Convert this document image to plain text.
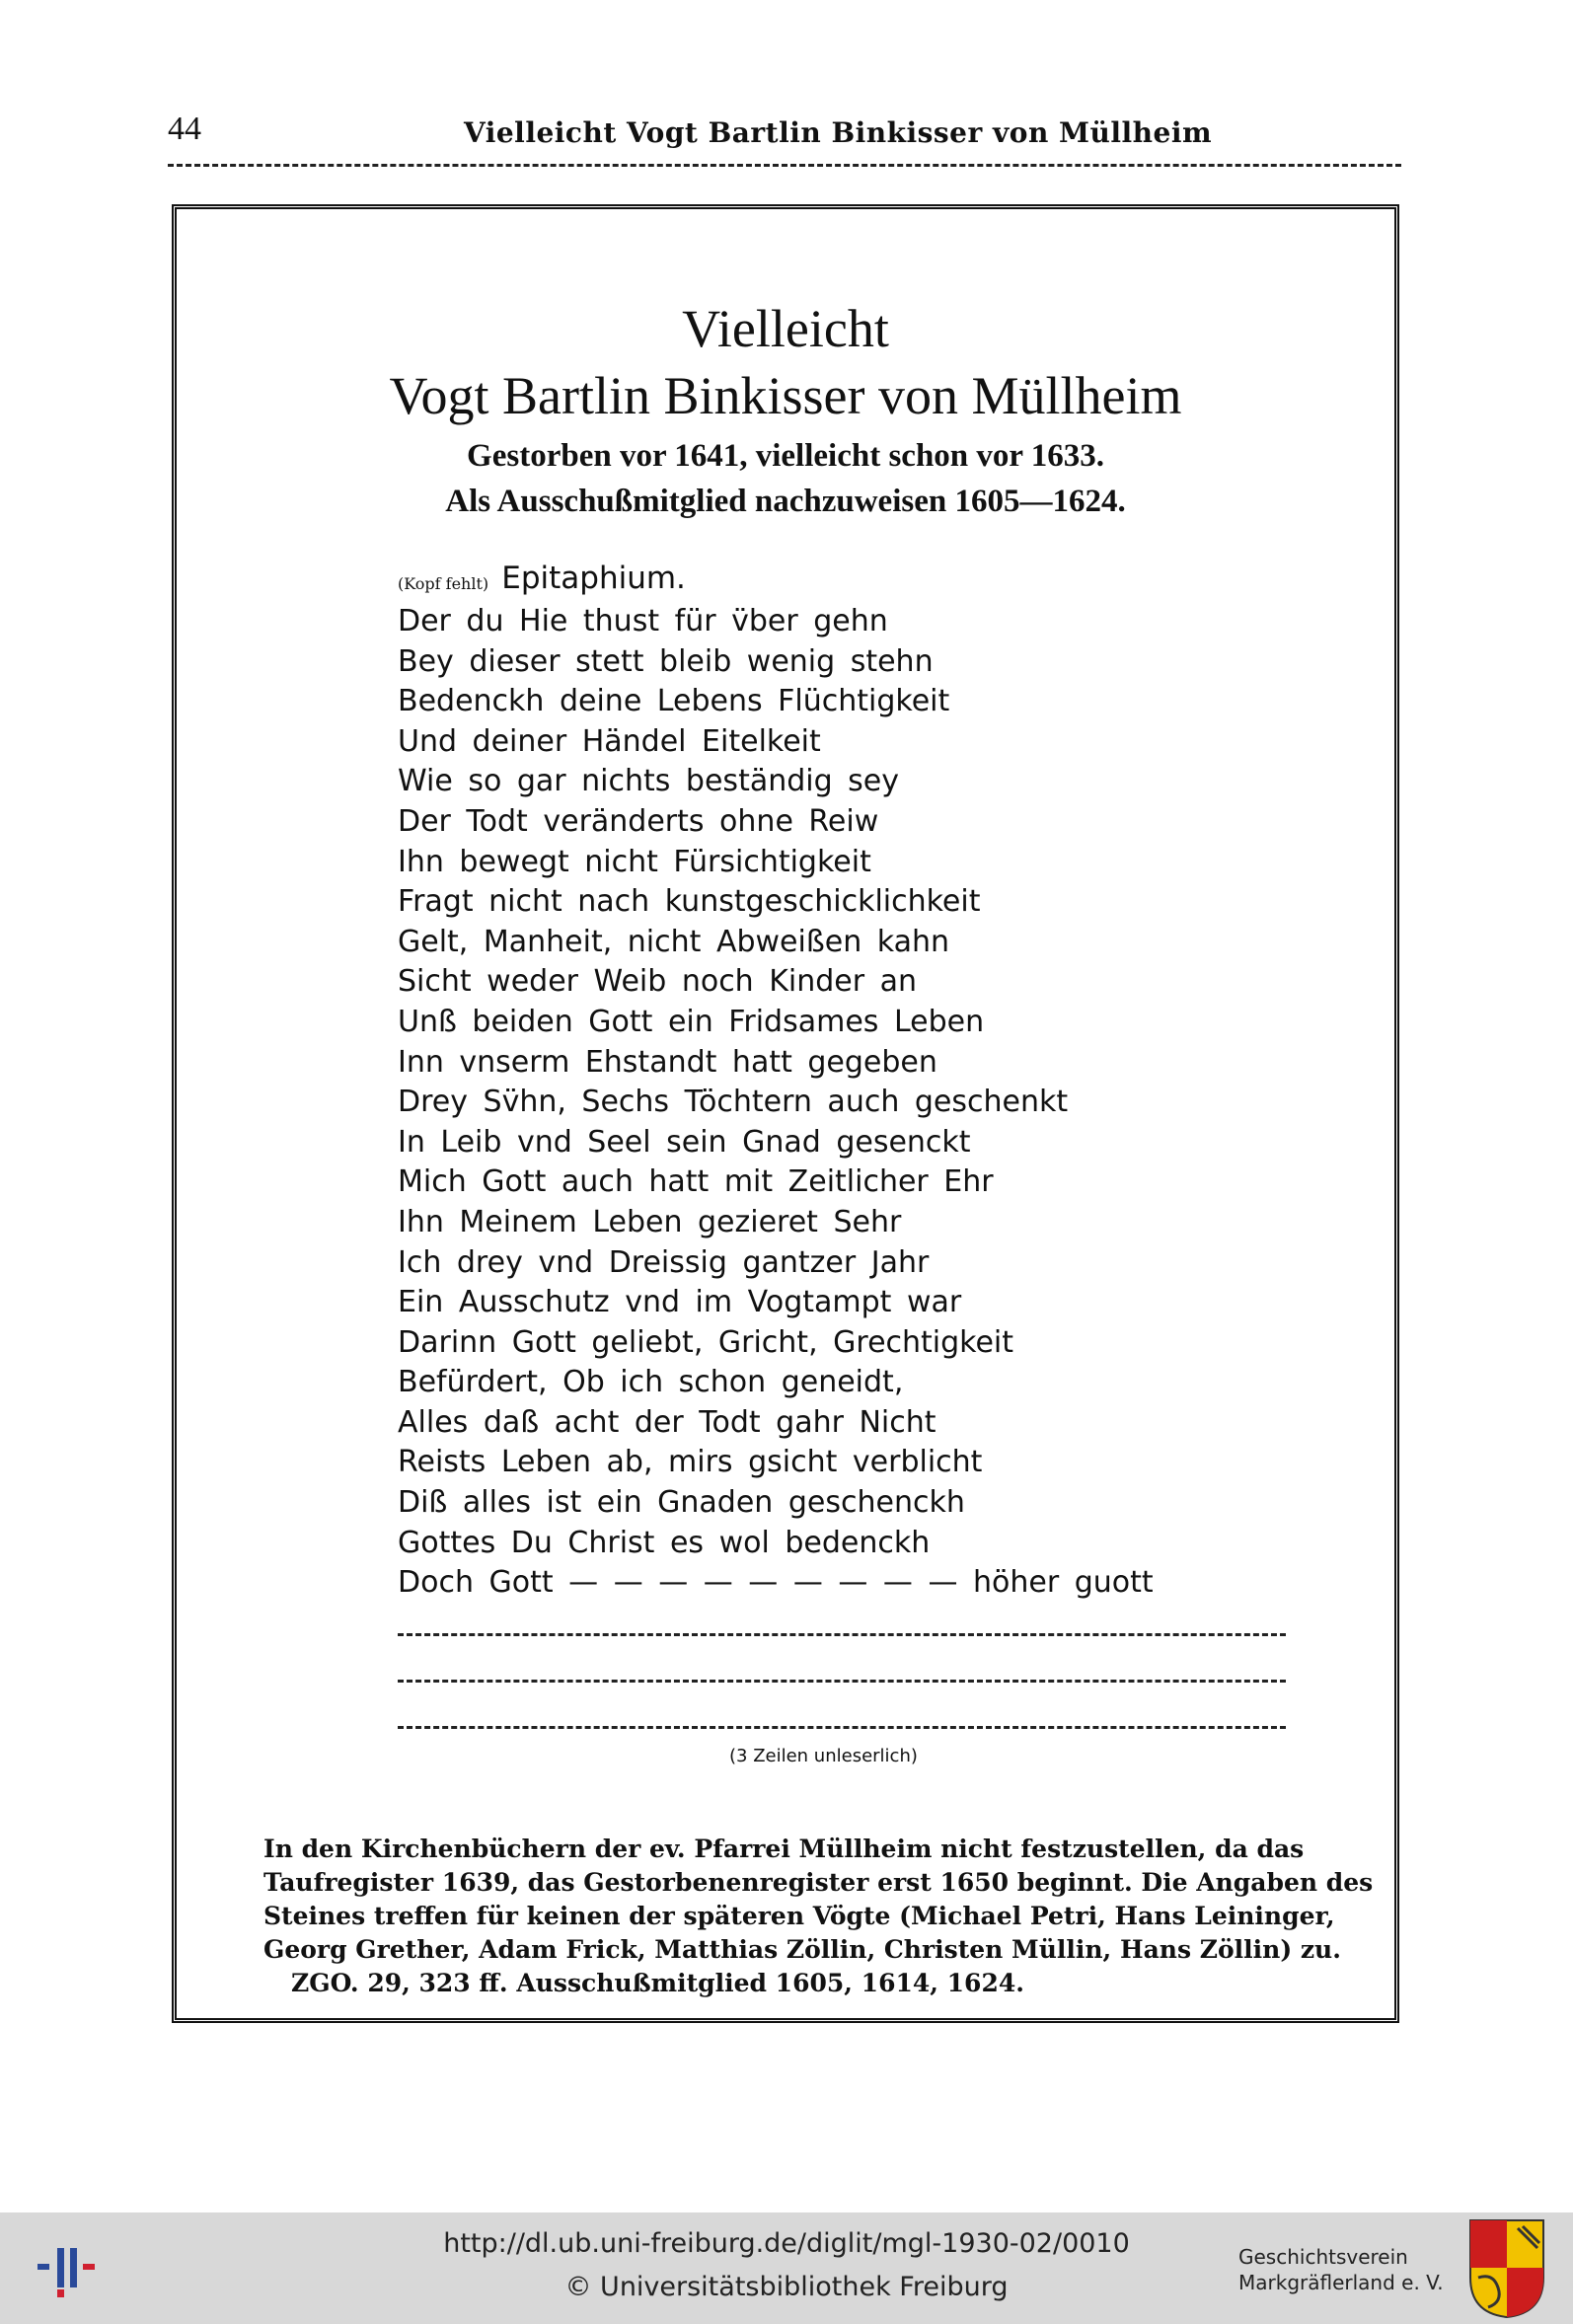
44	Vielleicht Vogt Bartlin Binkisser von Müllheim
Vielleicht
Vogt Bartlin Binkisser von Müllheim
Gestorben vor 1641, vielleicht schon vor 1633.
Als Ausschußmitglied nachzuweisen 1605—1624.
(Kopf fehlt) Epitaphium.
Der du Hie thust für v̈ber gehn
Bey dieser stett bleib wenig stehn
Bedenckh deine Lebens Flüchtigkeit
Und deiner Händel Eitelkeit
Wie so gar nichts beständig sey
Der Todt veränderts ohne Reiw
Ihn bewegt nicht Fürsichtigkeit
Fragt nicht nach kunstgeschicklichkeit
Gelt, Manheit, nicht Abweißen kahn
Sicht weder Weib noch Kinder an
Unß beiden Gott ein Fridsames Leben
Inn vnserm Ehstandt hatt gegeben
Drey Sv̈hn, Sechs Töchtern auch geschenkt
In Leib vnd Seel sein Gnad gesenckt
Mich Gott auch hatt mit Zeitlicher Ehr
Ihn Meinem Leben gezieret Sehr
Ich drey vnd Dreissig gantzer Jahr
Ein Ausschutz vnd im Vogtampt war
Darinn Gott geliebt, Gricht, Grechtigkeit
Befürdert, Ob ich schon geneidt,
Alles daß acht der Todt gahr Nicht
Reists Leben ab, mirs gsicht verblicht
Diß alles ist ein Gnaden geschenckh
Gottes Du Christ es wol bedenckh
Doch Gott — — — — — — — — — höher guott
(3 Zeilen unleserlich)
In den Kirchenbüchern der ev. Pfarrei Müllheim nicht festzustellen, da das
Taufregister 1639, das Gestorbenenregister erst 1650 beginnt. Die Angaben des
Steines treffen für keinen der späteren Vögte (Michael Petri, Hans Leininger,
Georg Grether, Adam Frick, Matthias Zöllin, Christen Müllin, Hans Zöllin) zu.
ZGO. 29, 323 ff. Ausschußmitglied 1605, 1614, 1624.
http://dl.ub.uni-freiburg.de/diglit/mgl-1930-02/0010
© Universitätsbibliothek Freiburg
Geschichtsverein
Markgräflerland e. V.
